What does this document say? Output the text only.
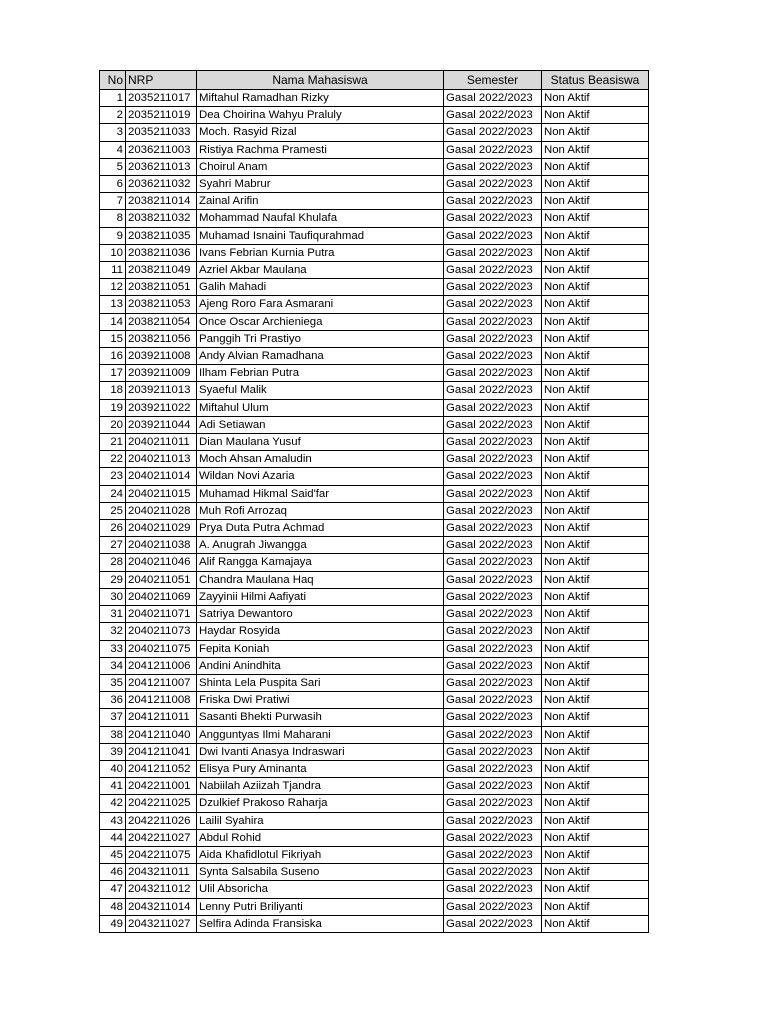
No	NRP	Nama Mahasiswa	Semester	Status Beasiswa
1	2035211017	Miftahul Ramadhan Rizky	Gasal 2022/2023	Non Aktif
2	2035211019	Dea Choirina Wahyu Praluly	Gasal 2022/2023	Non Aktif
3	2035211033	Moch. Rasyid Rizal	Gasal 2022/2023	Non Aktif
4	2036211003	Ristiya Rachma Pramesti	Gasal 2022/2023	Non Aktif
5	2036211013	Choirul Anam	Gasal 2022/2023	Non Aktif
6	2036211032	Syahri Mabrur	Gasal 2022/2023	Non Aktif
7	2038211014	Zainal Arifin	Gasal 2022/2023	Non Aktif
8	2038211032	Mohammad Naufal Khulafa	Gasal 2022/2023	Non Aktif
9	2038211035	Muhamad Isnaini Taufiqurahmad	Gasal 2022/2023	Non Aktif
10	2038211036	Ivans Febrian Kurnia Putra	Gasal 2022/2023	Non Aktif
11	2038211049	Azriel Akbar Maulana	Gasal 2022/2023	Non Aktif
12	2038211051	Galih Mahadi	Gasal 2022/2023	Non Aktif
13	2038211053	Ajeng Roro Fara Asmarani	Gasal 2022/2023	Non Aktif
14	2038211054	Once Oscar Archieniega	Gasal 2022/2023	Non Aktif
15	2038211056	Panggih Tri Prastiyo	Gasal 2022/2023	Non Aktif
16	2039211008	Andy Alvian Ramadhana	Gasal 2022/2023	Non Aktif
17	2039211009	Ilham Febrian Putra	Gasal 2022/2023	Non Aktif
18	2039211013	Syaeful Malik	Gasal 2022/2023	Non Aktif
19	2039211022	Miftahul Ulum	Gasal 2022/2023	Non Aktif
20	2039211044	Adi Setiawan	Gasal 2022/2023	Non Aktif
21	2040211011	Dian Maulana Yusuf	Gasal 2022/2023	Non Aktif
22	2040211013	Moch Ahsan Amaludin	Gasal 2022/2023	Non Aktif
23	2040211014	Wildan Novi Azaria	Gasal 2022/2023	Non Aktif
24	2040211015	Muhamad Hikmal Said'far	Gasal 2022/2023	Non Aktif
25	2040211028	Muh Rofi Arrozaq	Gasal 2022/2023	Non Aktif
26	2040211029	Prya Duta Putra Achmad	Gasal 2022/2023	Non Aktif
27	2040211038	A. Anugrah Jiwangga	Gasal 2022/2023	Non Aktif
28	2040211046	Alif Rangga Kamajaya	Gasal 2022/2023	Non Aktif
29	2040211051	Chandra Maulana Haq	Gasal 2022/2023	Non Aktif
30	2040211069	Zayyinii Hilmi Aafiyati	Gasal 2022/2023	Non Aktif
31	2040211071	Satriya Dewantoro	Gasal 2022/2023	Non Aktif
32	2040211073	Haydar Rosyida	Gasal 2022/2023	Non Aktif
33	2040211075	Fepita Koniah	Gasal 2022/2023	Non Aktif
34	2041211006	Andini Anindhita	Gasal 2022/2023	Non Aktif
35	2041211007	Shinta Lela Puspita Sari	Gasal 2022/2023	Non Aktif
36	2041211008	Friska Dwi Pratiwi	Gasal 2022/2023	Non Aktif
37	2041211011	Sasanti Bhekti Purwasih	Gasal 2022/2023	Non Aktif
38	2041211040	Angguntyas Ilmi Maharani	Gasal 2022/2023	Non Aktif
39	2041211041	Dwi Ivanti Anasya Indraswari	Gasal 2022/2023	Non Aktif
40	2041211052	Elisya Pury Aminanta	Gasal 2022/2023	Non Aktif
41	2042211001	Nabiilah Aziizah Tjandra	Gasal 2022/2023	Non Aktif
42	2042211025	Dzulkief Prakoso Raharja	Gasal 2022/2023	Non Aktif
43	2042211026	Lailil Syahira	Gasal 2022/2023	Non Aktif
44	2042211027	Abdul Rohid	Gasal 2022/2023	Non Aktif
45	2042211075	Aida Khafidlotul Fikriyah	Gasal 2022/2023	Non Aktif
46	2043211011	Synta Salsabila Suseno	Gasal 2022/2023	Non Aktif
47	2043211012	Ulil Absoricha	Gasal 2022/2023	Non Aktif
48	2043211014	Lenny Putri Briliyanti	Gasal 2022/2023	Non Aktif
49	2043211027	Selfira Adinda Fransiska	Gasal 2022/2023	Non Aktif
